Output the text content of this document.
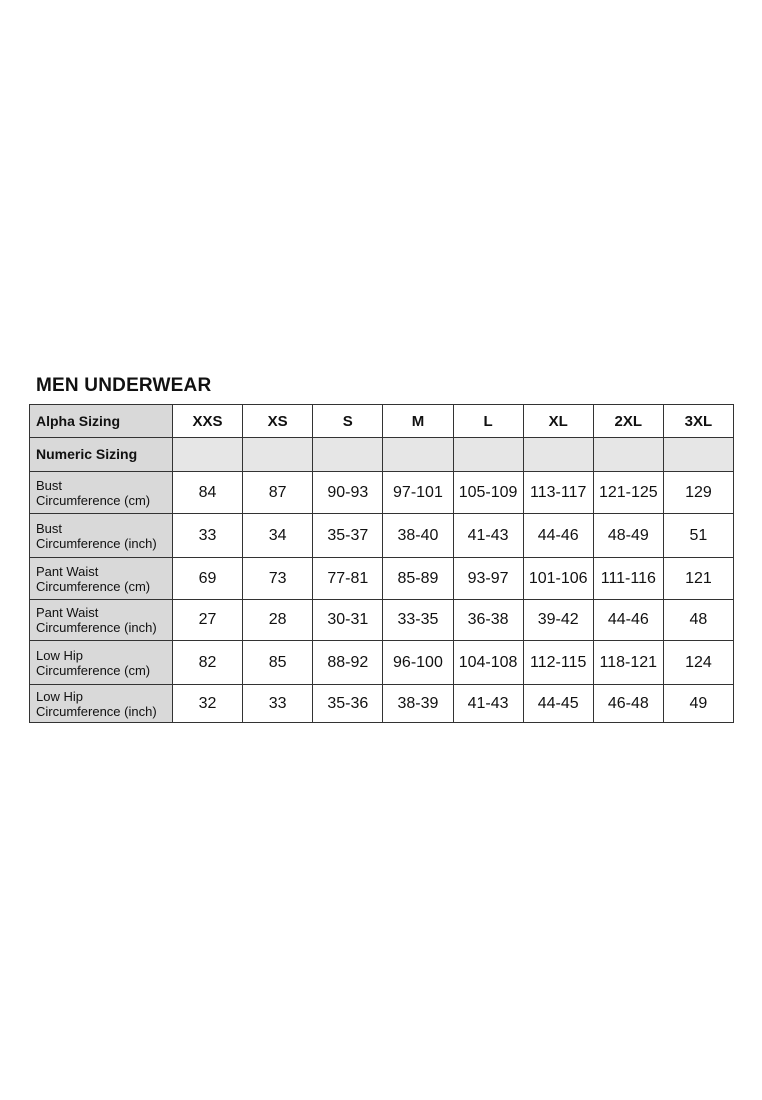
MEN UNDERWEAR
Alpha Sizing	XXS	XS	S	M	L	XL	2XL	3XL
Numeric Sizing								

Bust
Circumference (cm)	84	87	90-93	97-101	105-109	113-117	121-125	129

Bust
Circumference (inch)	33	34	35-37	38-40	41-43	44-46	48-49	51

Pant Waist
Circumference (cm)	69	73	77-81	85-89	93-97	101-106	111-116	121

Pant Waist
Circumference (inch)	27	28	30-31	33-35	36-38	39-42	44-46	48

Low Hip
Circumference (cm)	82	85	88-92	96-100	104-108	112-115	118-121	124

Low Hip
Circumference (inch)	32	33	35-36	38-39	41-43	44-45	46-48	49
